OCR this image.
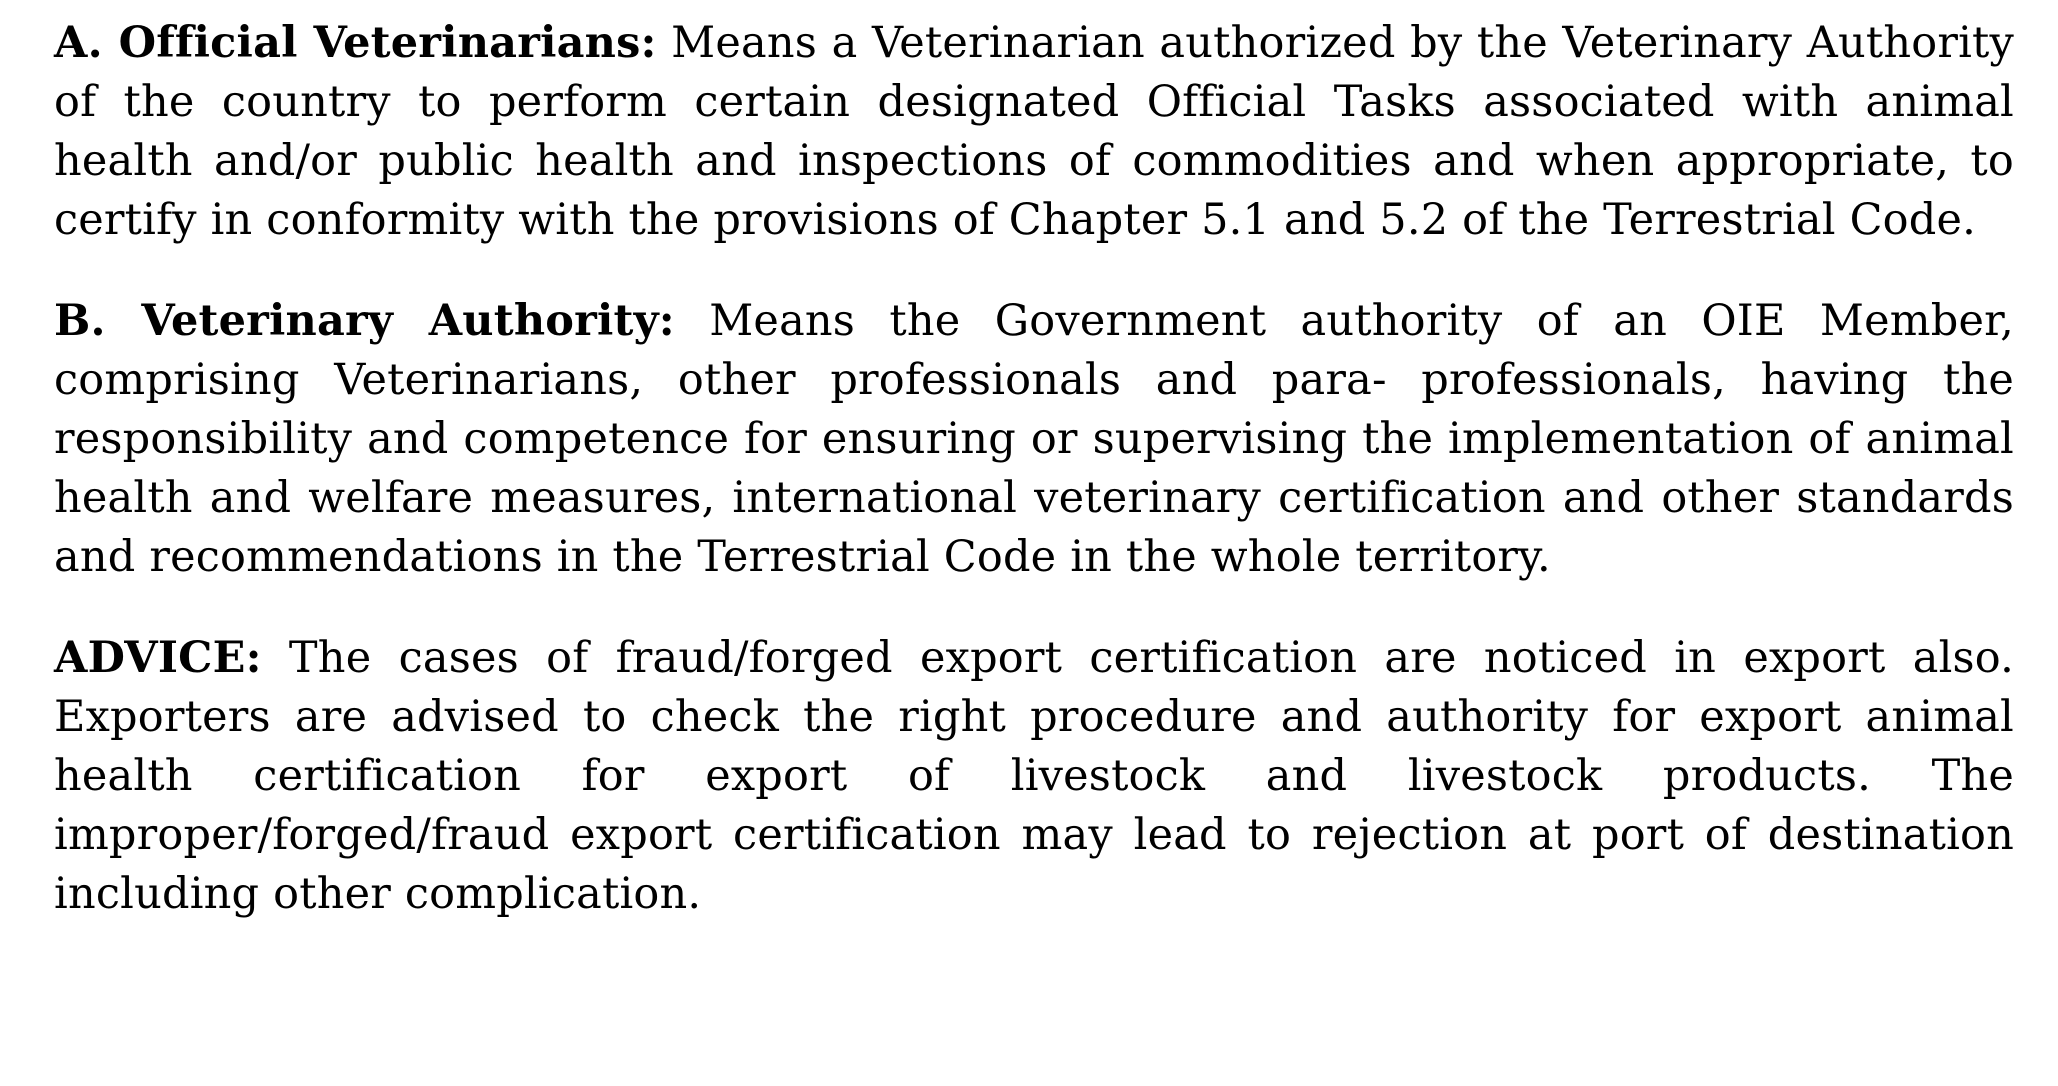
A. Official Veterinarians: Means a Veterinarian authorized by the Veterinary Authority of the country to perform certain designated Official Tasks associated with animal health and/or public health and inspections of commodities and when appropriate, to certify in conformity with the provisions of Chapter 5.1 and 5.2 of the Terrestrial Code.

B. Veterinary Authority: Means the Government authority of an OIE Member, comprising Veterinarians, other professionals and para- professionals, having the responsibility and competence for ensuring or supervising the implementation of animal health and welfare measures, international veterinary certification and other standards and recommendations in the Terrestrial Code in the whole territory.

ADVICE: The cases of fraud/forged export certification are noticed in export also. Exporters are advised to check the right procedure and authority for export animal health certification for export of livestock and livestock products. The improper/forged/fraud export certification may lead to rejection at port of destination including other complication.
